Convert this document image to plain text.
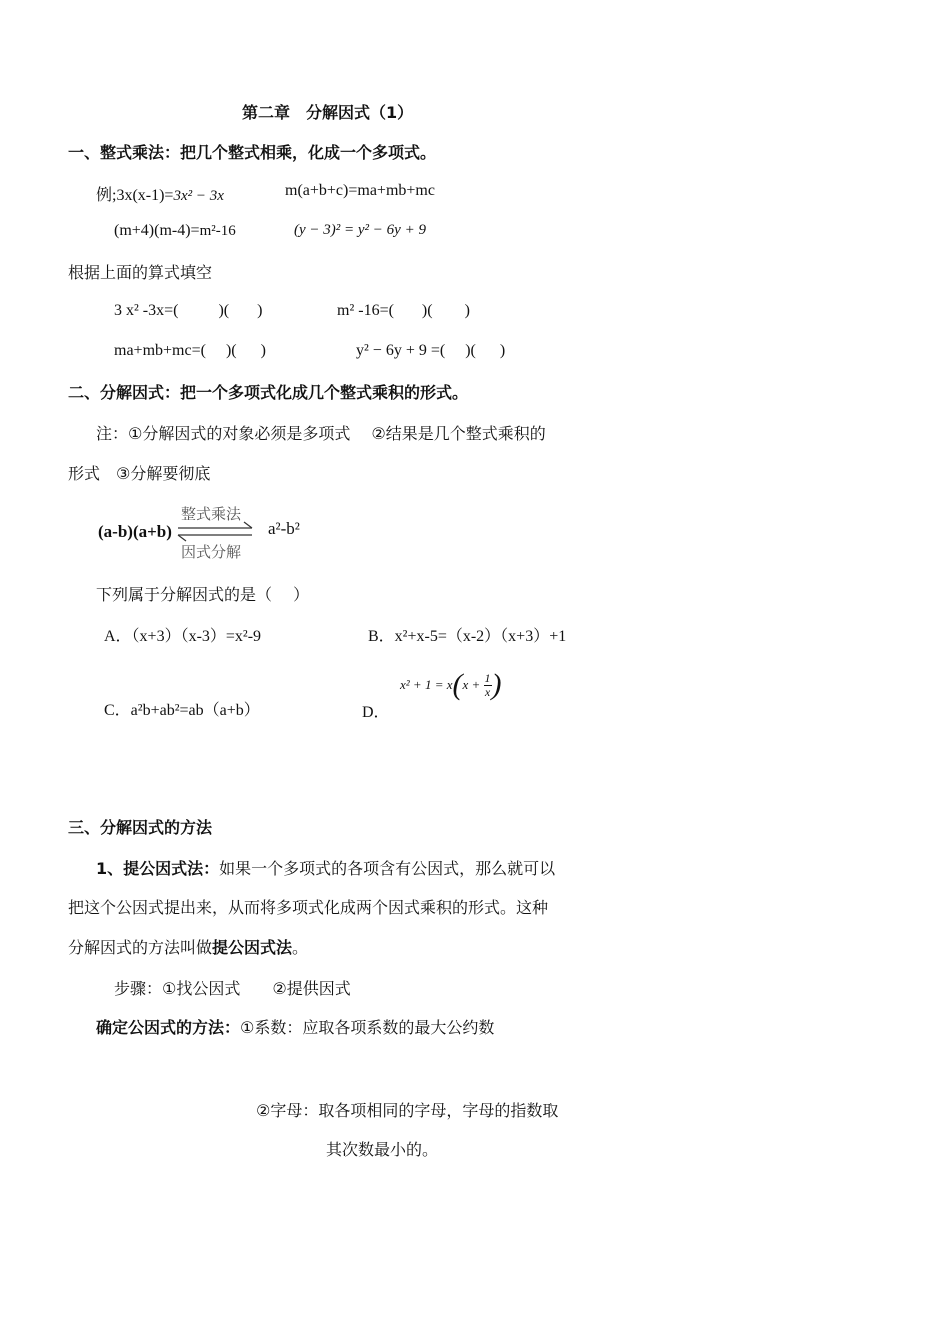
第二章　分解因式（1）
一、整式乘法：把几个整式相乘，化成一个多项式。
例;3x(x-1)=3x² − 3x	m(a+b+c)=ma+mb+mc
(m+4)(m-4)=m²-16	(y − 3)² = y² − 6y + 9
根据上面的算式填空
3 x² -3x=(          )(       )	m² -16=(       )(        )
ma+mb+mc=(     )(      )	y² − 6y + 9 =(     )(      )
二、分解因式：把一个多项式化成几个整式乘积的形式。
注：①分解因式的对象必须是多项式　 ②结果是几个整式乘积的
形式　③分解要彻底
(a-b)(a+b)
整式乘法
因式分解
a²-b²
下列属于分解因式的是（　 ）
A．（x+3）（x-3）=x²-9	B．x²+x-5=（x-2）（x+3）+1
C．a²b+ab²=ab（a+b）	D．
$x^2 + 1 = x(x + \frac{1}{x}$ )
三、分解因式的方法
1、提公因式法：如果一个多项式的各项含有公因式，那么就可以
把这个公因式提出来，从而将多项式化成两个因式乘积的形式。这种
分解因式的方法叫做提公因式法。
步骤：①找公因式　　②提供因式
确定公因式的方法：①系数：应取各项系数的最大公约数
②字母：取各项相同的字母，字母的指数取
其次数最小的。
